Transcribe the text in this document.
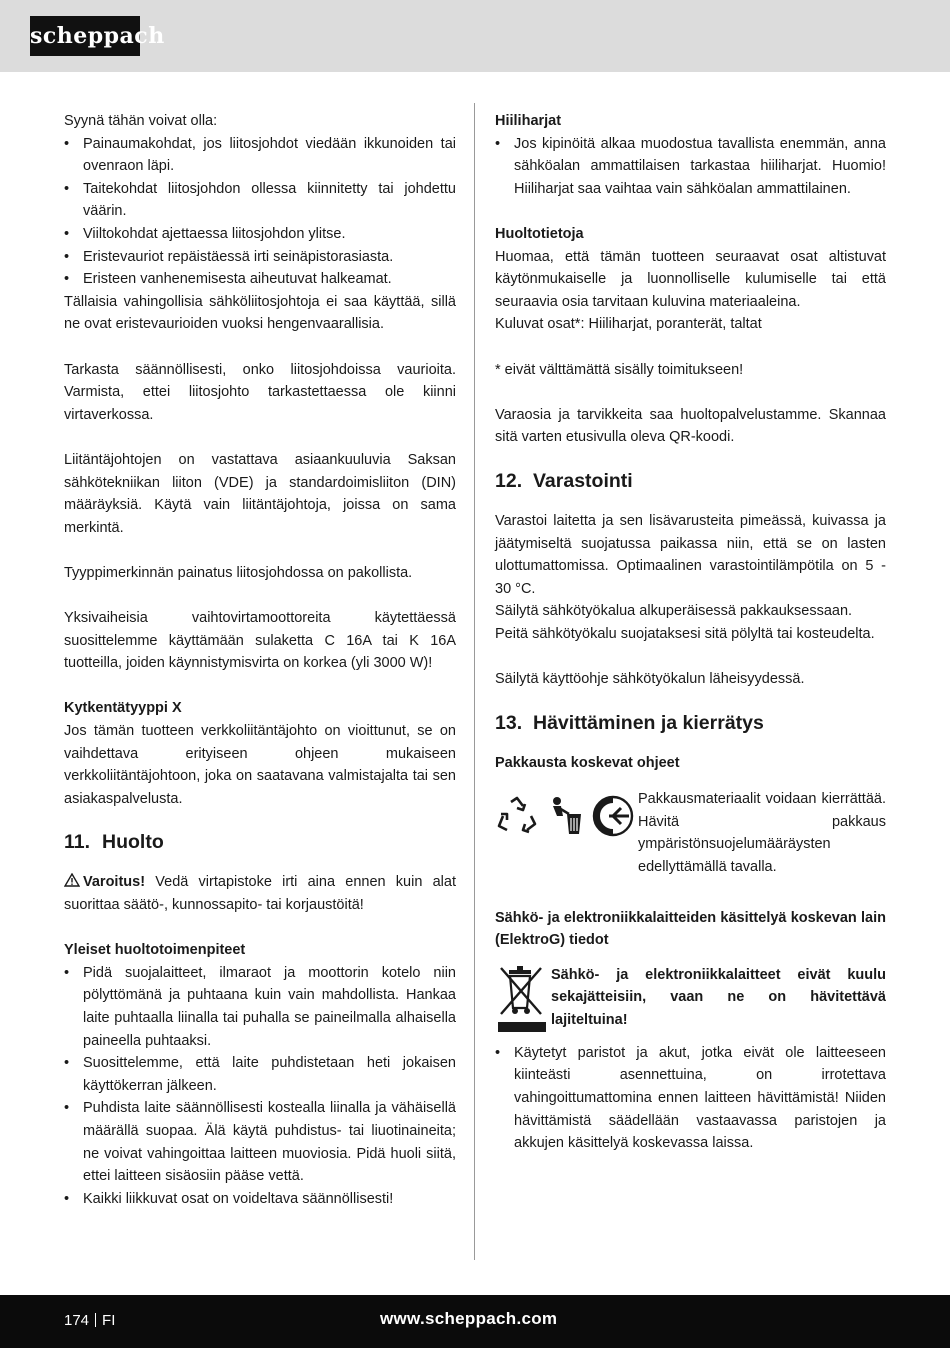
scheppach

Syynä tähän voivat olla:

• Painaumakohdat, jos liitosjohdot viedään ikkunoiden tai ovenraon läpi.
• Taitekohdat liitosjohdon ollessa kiinnitetty tai johdettu väärin.
• Viiltokohdat ajettaessa liitosjohdon ylitse.
• Eristevauriot repäistäessä irti seinäpistorasiasta.
• Eristeen vanhenemisesta aiheutuvat halkeamat.

Tällaisia vahingollisia sähköliitosjohtoja ei saa käyttää, sillä ne ovat eristevaurioiden vuoksi hengenvaarallisia.

Tarkasta säännöllisesti, onko liitosjohdoissa vaurioita. Varmista, ettei liitosjohto tarkastettaessa ole kiinni virtaverkossa.

Liitäntäjohtojen on vastattava asiaankuuluvia Saksan sähkötekniikan liiton (VDE) ja standardoimisliiton (DIN) määräyksiä. Käytä vain liitäntäjohtoja, joissa on sama merkintä.

Tyyppimerkinnän painatus liitosjohdossa on pakollista.

Yksivaiheisia vaihtovirtamoottoreita käytettäessä suosittelemme käyttämään sulaketta C 16A tai K 16A tuotteilla, joiden käynnistymisvirta on korkea (yli 3000 W)!

Kytkentätyyppi X

Jos tämän tuotteen verkkoliitäntäjohto on vioittunut, se on vaihdettava erityiseen ohjeen mukaiseen verkkoliitäntäjohtoon, joka on saatavana valmistajalta tai sen asiakaspalvelusta.

11. Huolto

Varoitus! Vedä virtapistoke irti aina ennen kuin alat suorittaa säätö-, kunnossapito- tai korjaustöitä!

Yleiset huoltotoimenpiteet

• Pidä suojalaitteet, ilmaraot ja moottorin kotelo niin pölyttömänä ja puhtaana kuin vain mahdollista. Hankaa laite puhtaalla liinalla tai puhalla se paineilmalla alhaisella paineella puhtaaksi.
• Suosittelemme, että laite puhdistetaan heti jokaisen käyttökerran jälkeen.
• Puhdista laite säännöllisesti kostealla liinalla ja vähäisellä määrällä suopaa. Älä käytä puhdistus- tai liuotinaineita; ne voivat vahingoittaa laitteen muoviosia. Pidä huoli siitä, ettei laitteen sisäosiin pääse vettä.
• Kaikki liikkuvat osat on voideltava säännöllisesti!

Hiiliharjat

• Jos kipinöitä alkaa muodostua tavallista enemmän, anna sähköalan ammattilaisen tarkastaa hiiliharjat. Huomio! Hiiliharjat saa vaihtaa vain sähköalan ammattilainen.

Huoltotietoja

Huomaa, että tämän tuotteen seuraavat osat altistuvat käytönmukaiselle ja luonnolliselle kulumiselle tai että seuraavia osia tarvitaan kuluvina materiaaleina.

Kuluvat osat*: Hiiliharjat, poranterät, taltat

* eivät välttämättä sisälly toimitukseen!

Varaosia ja tarvikkeita saa huoltopalvelustamme. Skannaa sitä varten etusivulla oleva QR-koodi.

12. Varastointi

Varastoi laitetta ja sen lisävarusteita pimeässä, kuivassa ja jäätymiseltä suojatussa paikassa niin, että se on lasten ulottumattomissa. Optimaalinen varastointilämpötila on 5 - 30 °C.

Säilytä sähkötyökalua alkuperäisessä pakkauksessaan.

Peitä sähkötyökalu suojataksesi sitä pölyltä tai kosteudelta.

Säilytä käyttöohje sähkötyökalun läheisyydessä.

13. Hävittäminen ja kierrätys

Pakkausta koskevat ohjeet

Pakkausmateriaalit voidaan kierrättää. Hävitä pakkaus ympäristönsuojelumääräysten edellyttämällä tavalla.

Sähkö- ja elektroniikkalaitteiden käsittelyä koskevan lain (ElektroG) tiedot

Sähkö- ja elektroniikkalaitteet eivät kuulu sekajätteisiin, vaan ne on hävitettävä lajiteltuina!

• Käytetyt paristot ja akut, jotka eivät ole laitteeseen kiinteästi asennettuina, on irrotettava vahingoittumattomina ennen laitteen hävittämistä! Niiden hävittämistä säädellään vastaavassa paristojen ja akkujen käsittelyä koskevassa laissa.
174 FI	www.scheppach.com
